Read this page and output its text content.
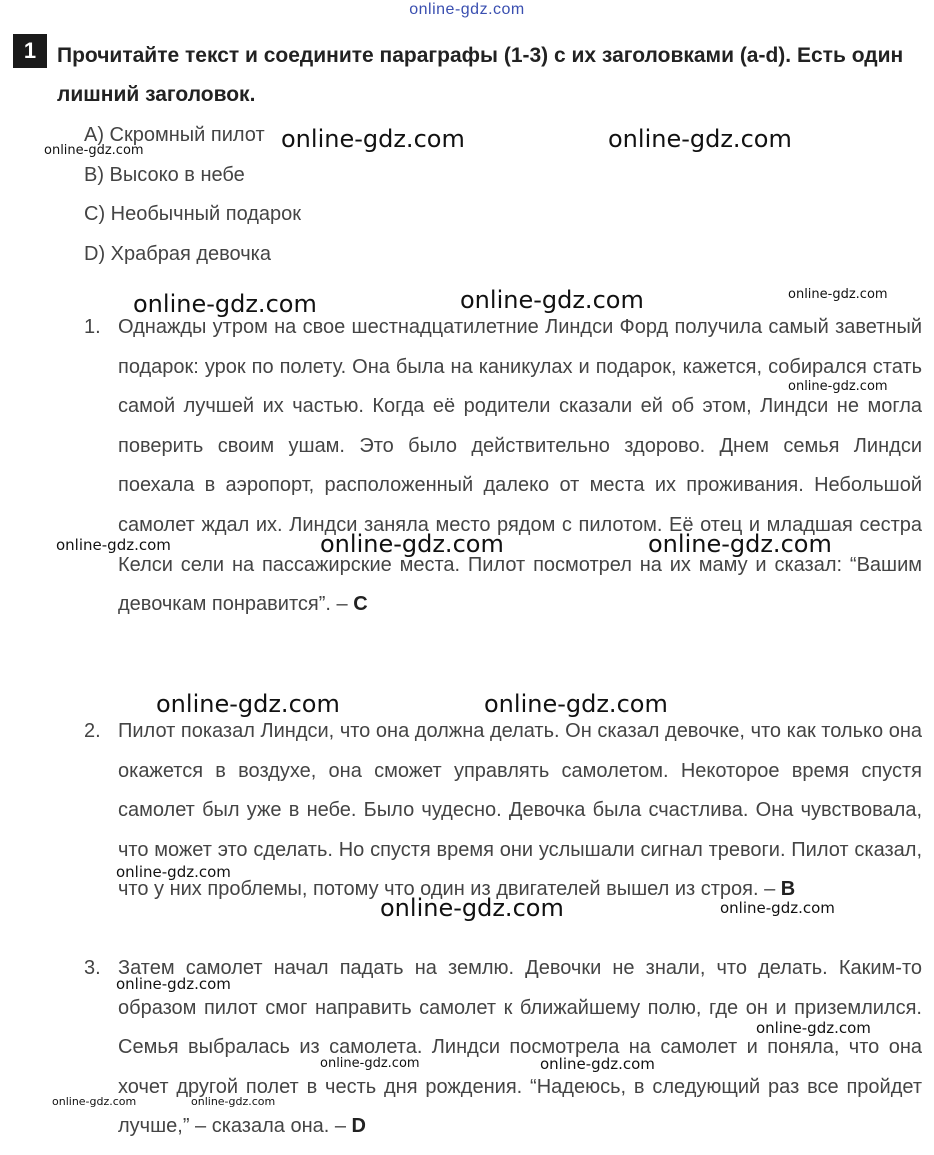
online-gdz.com
1 Прочитайте текст и соедините параграфы (1-3) с их заголовками (a-d). Есть один лишний заголовок.
A) Скромный пилот
B) Высоко в небе
C) Необычный подарок
D) Храбрая девочка
1. Однажды утром на свое шестнадцатилетние Линдси Форд получила самый заветный подарок: урок по полету. Она была на каникулах и подарок, кажется, собирался стать самой лучшей их частью. Когда её родители сказали ей об этом, Линдси не могла поверить своим ушам. Это было действительно здорово. Днем семья Линдси поехала в аэропорт, расположенный далеко от места их проживания. Небольшой самолет ждал их. Линдси заняла место рядом с пилотом. Её отец и младшая сестра Келси сели на пассажирские места. Пилот посмотрел на их маму и сказал: “Вашим девочкам понравится”. – C
2. Пилот показал Линдси, что она должна делать. Он сказал девочке, что как только она окажется в воздухе, она сможет управлять самолетом. Некоторое время спустя самолет был уже в небе. Было чудесно. Девочка была счастлива. Она чувствовала, что может это сделать. Но спустя время они услышали сигнал тревоги. Пилот сказал, что у них проблемы, потому что один из двигателей вышел из строя. – B
3. Затем самолет начал падать на землю. Девочки не знали, что делать. Каким-то образом пилот смог направить самолет к ближайшему полю, где он и приземлился. Семья выбралась из самолета. Линдси посмотрела на самолет и поняла, что она хочет другой полет в честь дня рождения. “Надеюсь, в следующий раз все пройдет лучше,” – сказала она. – D
online-gdz.com	online-gdz.com
online-gdz.com
online-gdz.com	online-gdz.com	online-gdz.com
online-gdz.com
online-gdz.com	online-gdz.com	online-gdz.com
online-gdz.com	online-gdz.com
online-gdz.com
online-gdz.com	online-gdz.com
online-gdz.com
online-gdz.com
online-gdz.com	online-gdz.com
online-gdz.com	online-gdz.com
